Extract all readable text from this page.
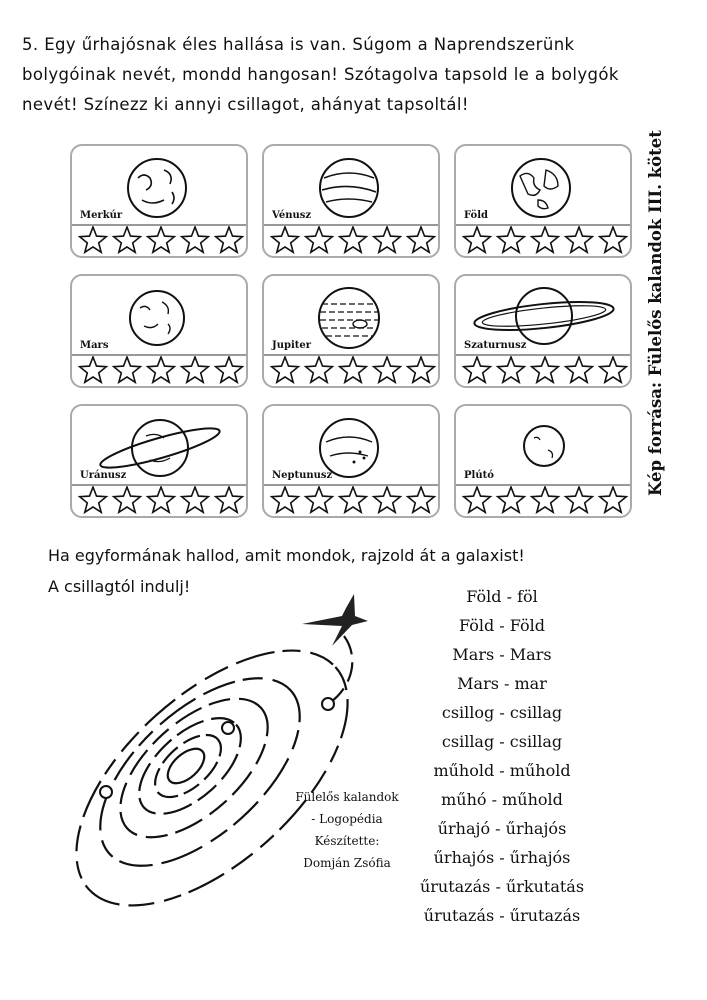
5. Egy űrhajósnak éles hallása is van. Súgom a Naprendszerünk

bolygóinak nevét, mondd hangosan! Szótagolva tapsold le a bolygók

nevét! Színezz ki annyi csillagot, ahányat tapsoltál!

Merkúr	Vénusz	Föld
Mars	Jupiter	Szaturnusz
Uránusz	Neptunusz	Plútó	Kép forrása: Fülelős kalandok III. kötet

Ha egyformának hallod, amit mondok, rajzold át a galaxist!

A csillagtól indulj!

Fülelős kalandok

- Logopédia

Készítette:

Domján Zsófia

Föld - föl

Föld - Föld

Mars - Mars

Mars - mar

csillog - csillag

csillag - csillag

műhold - műhold

műhó - műhold

űrhajó - űrhajós

űrhajós - űrhajós

űrutazás - űrkutatás

űrutazás - űrutazás
